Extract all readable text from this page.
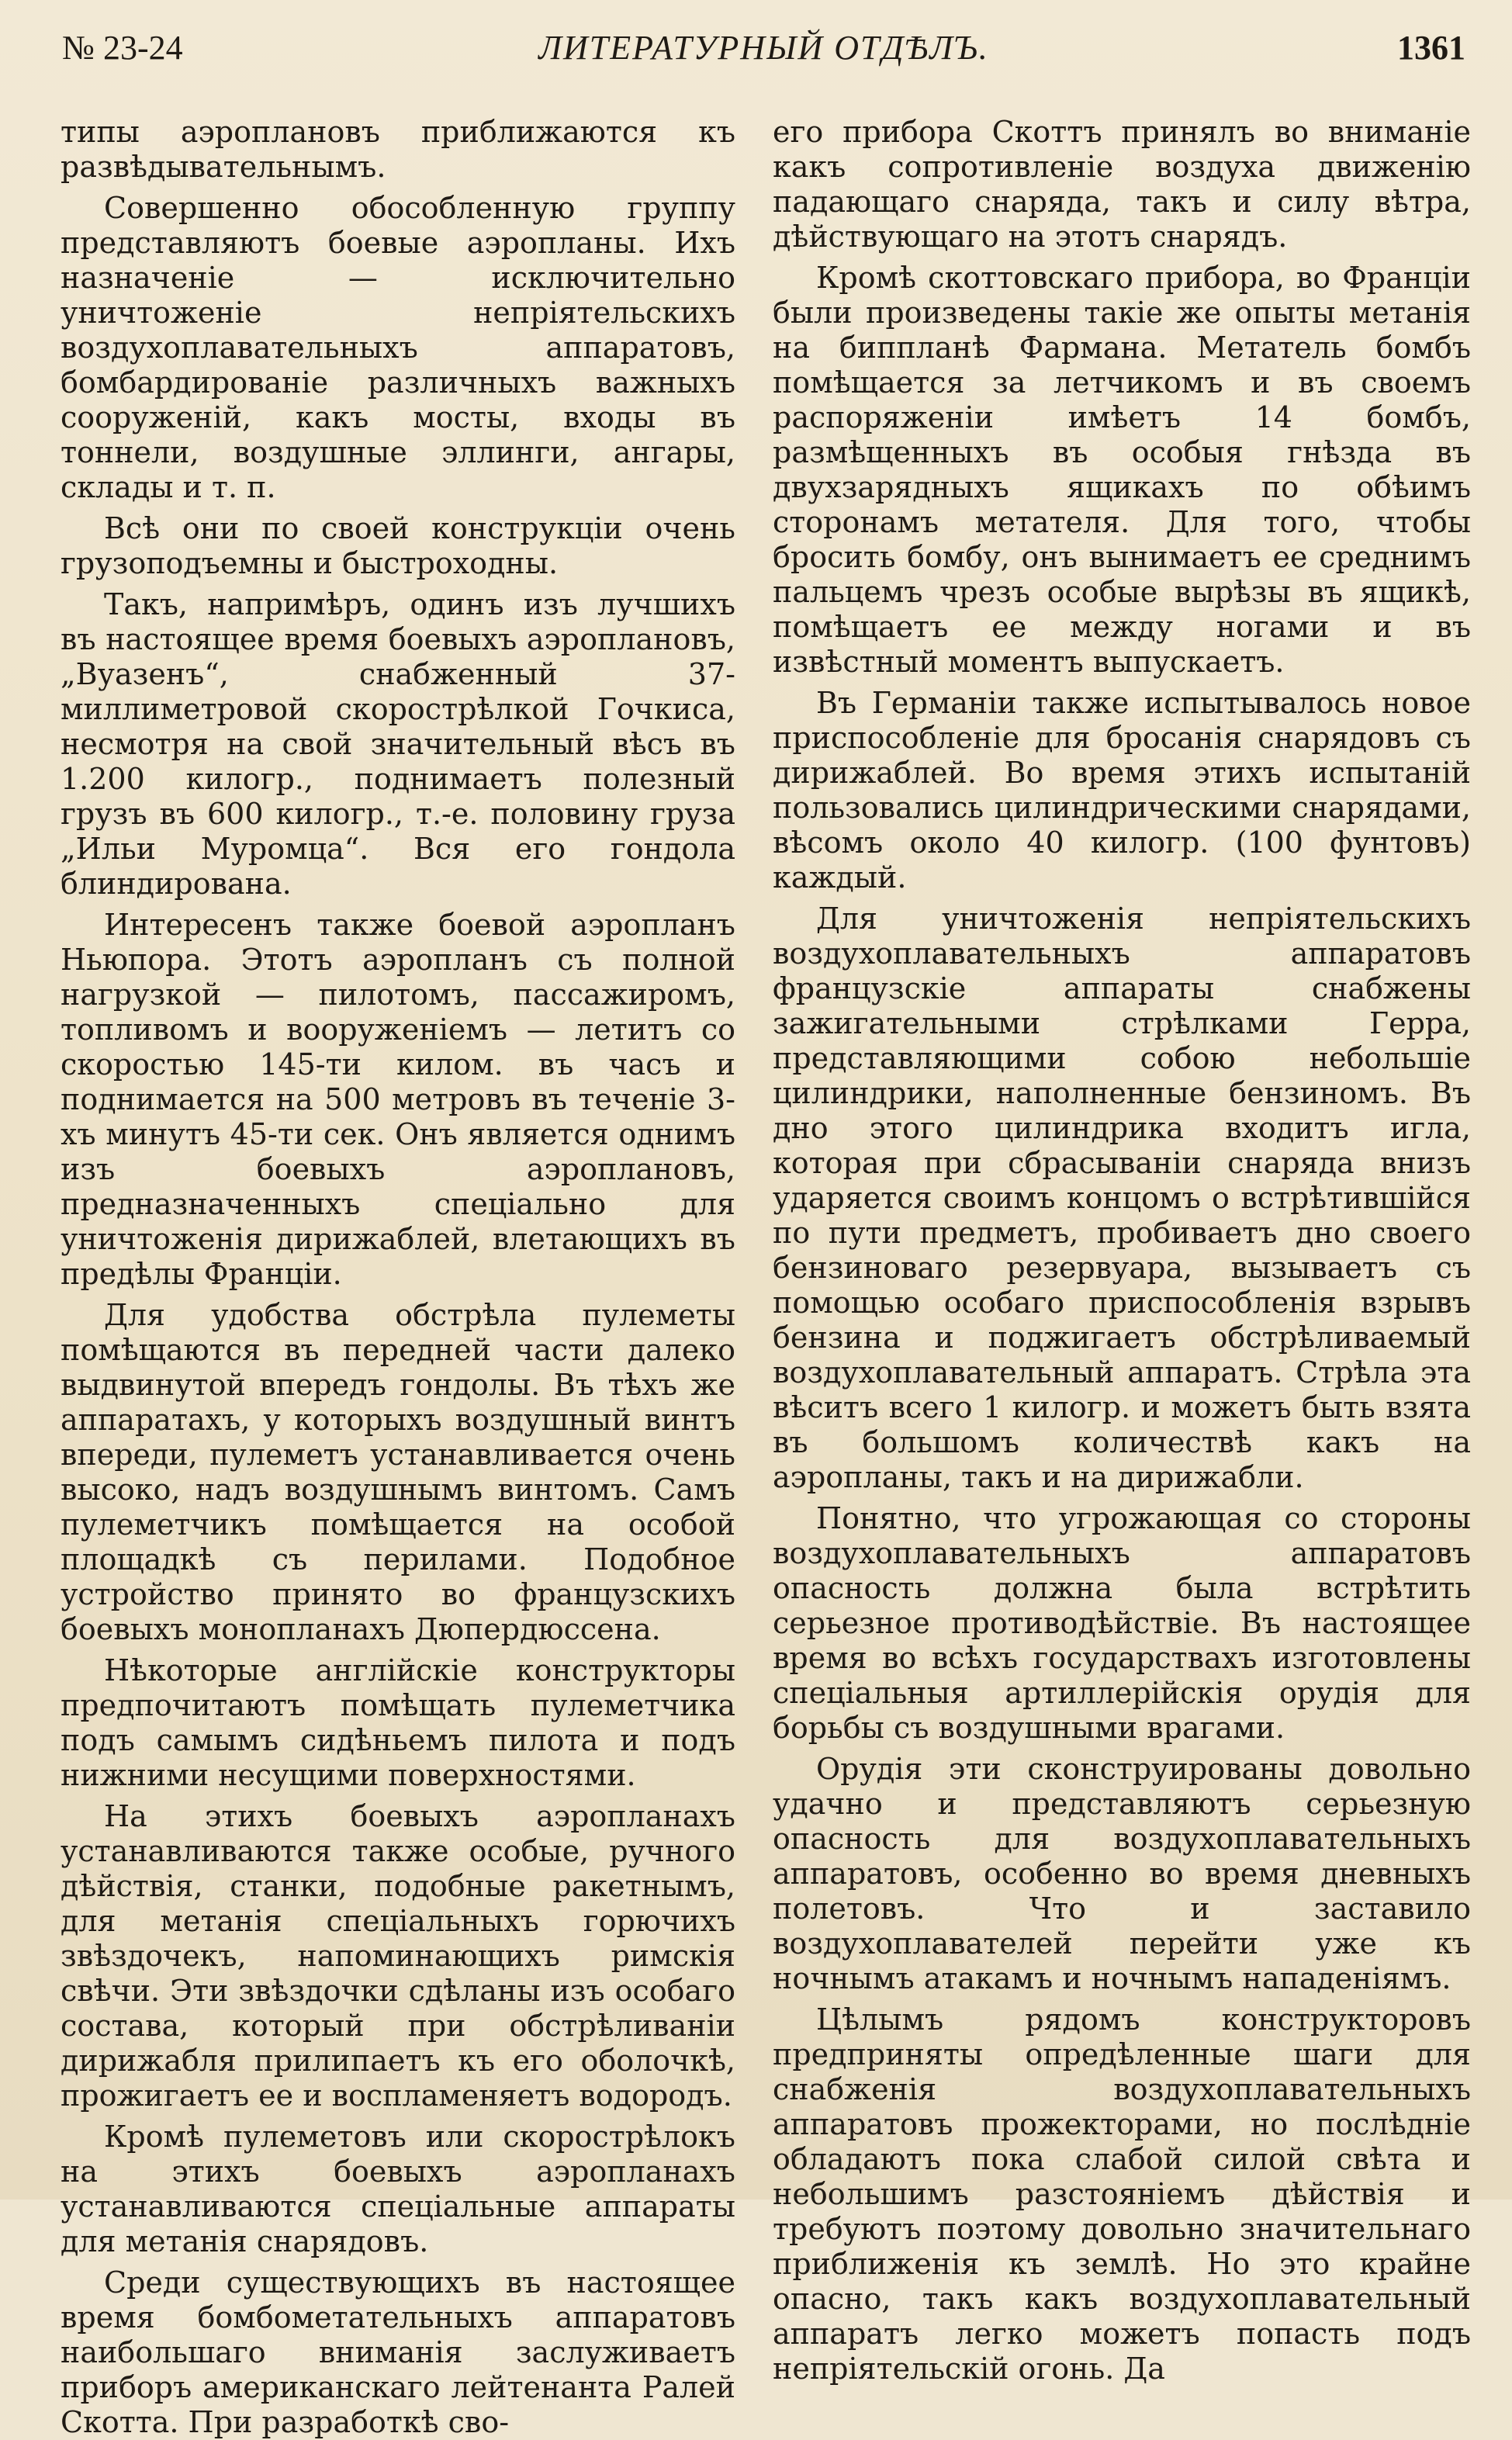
№ 23-24	ЛИТЕРАТУРНЫЙ ОТДѢЛЪ.	1361

типы аэроплановъ приближаются къ развѣдывательнымъ.

Совершенно обособленную группу представляютъ боевые аэропланы. Ихъ назначеніе — исключительно уничтоженіе непріятельскихъ воздухоплавательныхъ аппаратовъ, бомбардированіе различныхъ важныхъ сооруженій, какъ мосты, входы въ тоннели, воздушные эллинги, ангары, склады и т. п.

Всѣ они по своей конструкціи очень грузоподъемны и быстроходны.

Такъ, напримѣръ, одинъ изъ лучшихъ въ настоящее время боевыхъ аэроплановъ, „Вуазенъ“, снабженный 37-миллиметровой скорострѣлкой Гочкиса, несмотря на свой значительный вѣсъ въ 1.200 килогр., поднимаетъ полезный грузъ въ 600 килогр., т.-е. половину груза „Ильи Муромца“. Вся его гондола блиндирована.

Интересенъ также боевой аэропланъ Ньюпора. Этотъ аэропланъ съ полной нагрузкой — пилотомъ, пассажиромъ, топливомъ и вооруженіемъ — летитъ со скоростью 145-ти килом. въ часъ и поднимается на 500 метровъ въ теченіе 3-хъ минутъ 45-ти сек. Онъ является однимъ изъ боевыхъ аэроплановъ, предназначенныхъ спеціально для уничтоженія дирижаблей, влетающихъ въ предѣлы Франціи.

Для удобства обстрѣла пулеметы помѣщаются въ передней части далеко выдвинутой впередъ гондолы. Въ тѣхъ же аппаратахъ, у которыхъ воздушный винтъ впереди, пулеметъ устанавливается очень высоко, надъ воздушнымъ винтомъ. Самъ пулеметчикъ помѣщается на особой площадкѣ съ перилами. Подобное устройство принято во французскихъ боевыхъ монопланахъ Дюпердюссена.

Нѣкоторые англійскіе конструкторы предпочитаютъ помѣщать пулеметчика подъ самымъ сидѣньемъ пилота и подъ нижними несущими поверхностями.

На этихъ боевыхъ аэропланахъ устанавливаются также особые, ручного дѣйствія, станки, подобные ракетнымъ, для метанія спеціальныхъ горючихъ звѣздочекъ, напоминающихъ римскія свѣчи. Эти звѣздочки сдѣланы изъ особаго состава, который при обстрѣливаніи дирижабля прилипаетъ къ его оболочкѣ, прожигаетъ ее и воспламеняетъ водородъ.

Кромѣ пулеметовъ или скорострѣлокъ на этихъ боевыхъ аэропланахъ устанавливаются спеціальные аппараты для метанія снарядовъ.

Среди существующихъ въ настоящее время бомбометательныхъ аппаратовъ наибольшаго вниманія заслуживаетъ приборъ американскаго лейтенанта Ралей Скотта. При разработкѣ сво-

его прибора Скоттъ принялъ во вниманіе какъ сопротивленіе воздуха движенію падающаго снаряда, такъ и силу вѣтра, дѣйствующаго на этотъ снарядъ.

Кромѣ скоттовскаго прибора, во Франціи были произведены такіе же опыты метанія на биппланѣ Фармана. Метатель бомбъ помѣщается за летчикомъ и въ своемъ распоряженіи имѣетъ 14 бомбъ, размѣщенныхъ въ особыя гнѣзда въ двухзарядныхъ ящикахъ по обѣимъ сторонамъ метателя. Для того, чтобы бросить бомбу, онъ вынимаетъ ее среднимъ пальцемъ чрезъ особые вырѣзы въ ящикѣ, помѣщаетъ ее между ногами и въ извѣстный моментъ выпускаетъ.

Въ Германіи также испытывалось новое приспособленіе для бросанія снарядовъ съ дирижаблей. Во время этихъ испытаній пользовались цилиндрическими снарядами, вѣсомъ около 40 килогр. (100 фунтовъ) каждый.

Для уничтоженія непріятельскихъ воздухоплавательныхъ аппаратовъ французскіе аппараты снабжены зажигательными стрѣлками Герра, представляющими собою небольшіе цилиндрики, наполненные бензиномъ. Въ дно этого цилиндрика входитъ игла, которая при сбрасываніи снаряда внизъ ударяется своимъ концомъ о встрѣтившійся по пути предметъ, пробиваетъ дно своего бензиноваго резервуара, вызываетъ съ помощью особаго приспособленія взрывъ бензина и поджигаетъ обстрѣливаемый воздухоплавательный аппаратъ. Стрѣла эта вѣситъ всего 1 килогр. и можетъ быть взята въ большомъ количествѣ какъ на аэропланы, такъ и на дирижабли.

Понятно, что угрожающая со стороны воздухоплавательныхъ аппаратовъ опасность должна была встрѣтить серьезное противодѣйствіе. Въ настоящее время во всѣхъ государствахъ изготовлены спеціальныя артиллерійскія орудія для борьбы съ воздушными врагами.

Орудія эти сконструированы довольно удачно и представляютъ серьезную опасность для воздухоплавательныхъ аппаратовъ, особенно во время дневныхъ полетовъ. Что и заставило воздухоплавателей перейти уже къ ночнымъ атакамъ и ночнымъ нападеніямъ.

Цѣлымъ рядомъ конструкторовъ предприняты опредѣленные шаги для снабженія воздухоплавательныхъ аппаратовъ прожекторами, но послѣдніе обладаютъ пока слабой силой свѣта и небольшимъ разстояніемъ дѣйствія и требуютъ поэтому довольно значительнаго приближенія къ землѣ. Но это крайне опасно, такъ какъ воздухоплавательный аппаратъ легко можетъ попасть подъ непріятельскій огонь. Да
